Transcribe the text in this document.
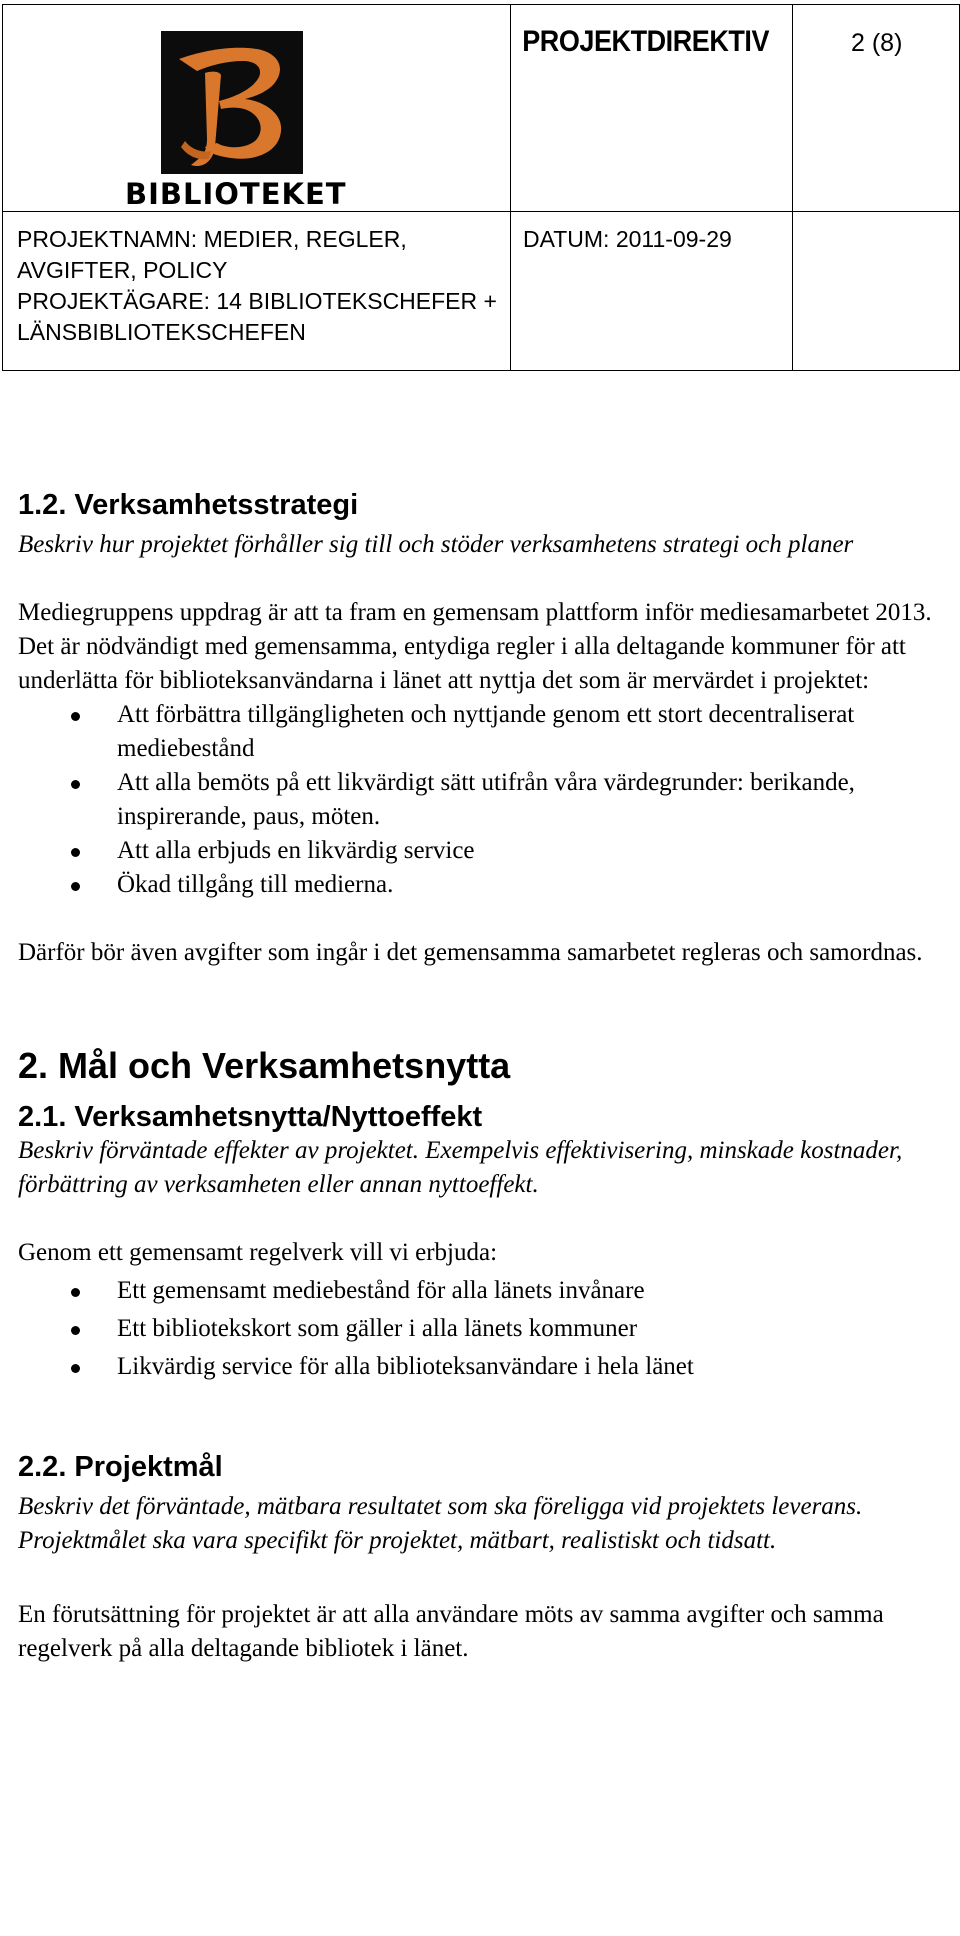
BIBLIOTEKET	PROJEKTDIREKTIV	2 (8)

PROJEKTNAMN: MEDIER, REGLER,
AVGIFTER, POLICY
PROJEKTÄGARE: 14 BIBLIOTEKSCHEFER +
LÄNSBIBLIOTEKSCHEFEN	DATUM: 2011-09-29	
1.2. Verksamhetsstrategi

Beskriv hur projektet förhåller sig till och stöder verksamhetens strategi och planer

Mediegruppens uppdrag är att ta fram en gemensam plattform inför mediesamarbetet 2013.

Det är nödvändigt med gemensamma, entydiga regler i alla deltagande kommuner för att underlätta för biblioteksanvändarna i länet att nyttja det som är mervärdet i projektet:

Att förbättra tillgängligheten och nyttjande genom ett stort decentraliserat mediebestånd
Att alla bemöts på ett likvärdigt sätt utifrån våra värdegrunder: berikande, inspirerande, paus, möten.
Att alla erbjuds en likvärdig service
Ökad tillgång till medierna.

Därför bör även avgifter som ingår i det gemensamma samarbetet regleras och samordnas.

2. Mål och Verksamhetsnytta
2.1. Verksamhetsnytta/Nyttoeffekt

Beskriv förväntade effekter av projektet. Exempelvis effektivisering, minskade kostnader, förbättring av verksamheten eller annan nyttoeffekt.

Genom ett gemensamt regelverk vill vi erbjuda:

Ett gemensamt mediebestånd för alla länets invånare
Ett bibliotekskort som gäller i alla länets kommuner
Likvärdig service för alla biblioteksanvändare i hela länet
2.2. Projektmål

Beskriv det förväntade, mätbara resultatet som ska föreligga vid projektets leverans. Projektmålet ska vara specifikt för projektet, mätbart, realistiskt och tidsatt.

En förutsättning för projektet är att alla användare möts av samma avgifter och samma regelverk på alla deltagande bibliotek i länet.
